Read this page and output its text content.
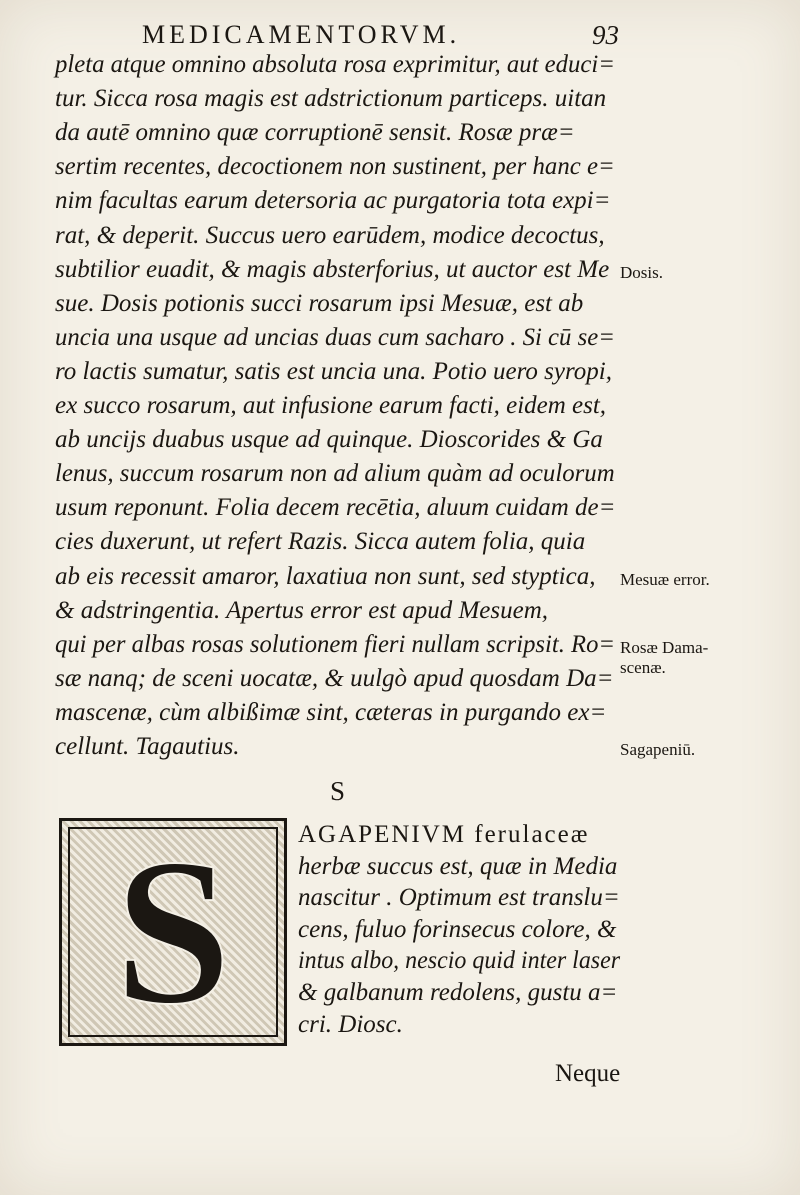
MEDICAMENTORVM.	93
pleta atque omnino absoluta rosa exprimitur, aut educi=
tur. Sicca rosa magis est adstrictionum particeps. uitan
da autē omnino quæ corruptionē sensit. Rosæ præ=
sertim recentes, decoctionem non sustinent, per hanc e=
nim facultas earum detersoria ac purgatoria tota expi=
rat, & deperit. Succus uero earūdem, modice decoctus,
subtilior euadit, & magis absterforius, ut auctor est Me
sue. Dosis potionis succi rosarum ipsi Mesuæ, est ab
uncia una usque ad uncias duas cum sacharo . Si cū se=
ro lactis sumatur, satis est uncia una. Potio uero syropi,
ex succo rosarum, aut infusione earum facti, eidem est,
ab uncijs duabus usque ad quinque. Dioscorides & Ga
lenus, succum rosarum non ad alium quàm ad oculorum
usum reponunt. Folia decem recētia, aluum cuidam de=
cies duxerunt, ut refert Razis. Sicca autem folia, quia
ab eis recessit amaror, laxatiua non sunt, sed styptica,
& adstringentia. Apertus error est apud Mesuem,
qui per albas rosas solutionem fieri nullam scripsit. Ro=
sæ nanq; de sceni uocatæ, & uulgò apud quosdam Da=
mascenæ, cùm albißimæ sint, cæteras in purgando ex=
cellunt. Tagautius.
Dosis.
Mesuæ error.
Rosæ Dama-
scenæ.
Sagapeniū.
S
S	AGAPENIVM ferulaceæ
herbæ succus est, quæ in Media
nascitur . Optimum est translu=
cens, fuluo forinsecus colore, &
intus albo, nescio quid inter laser
& galbanum redolens, gustu a=
cri. Diosc.
Neque
